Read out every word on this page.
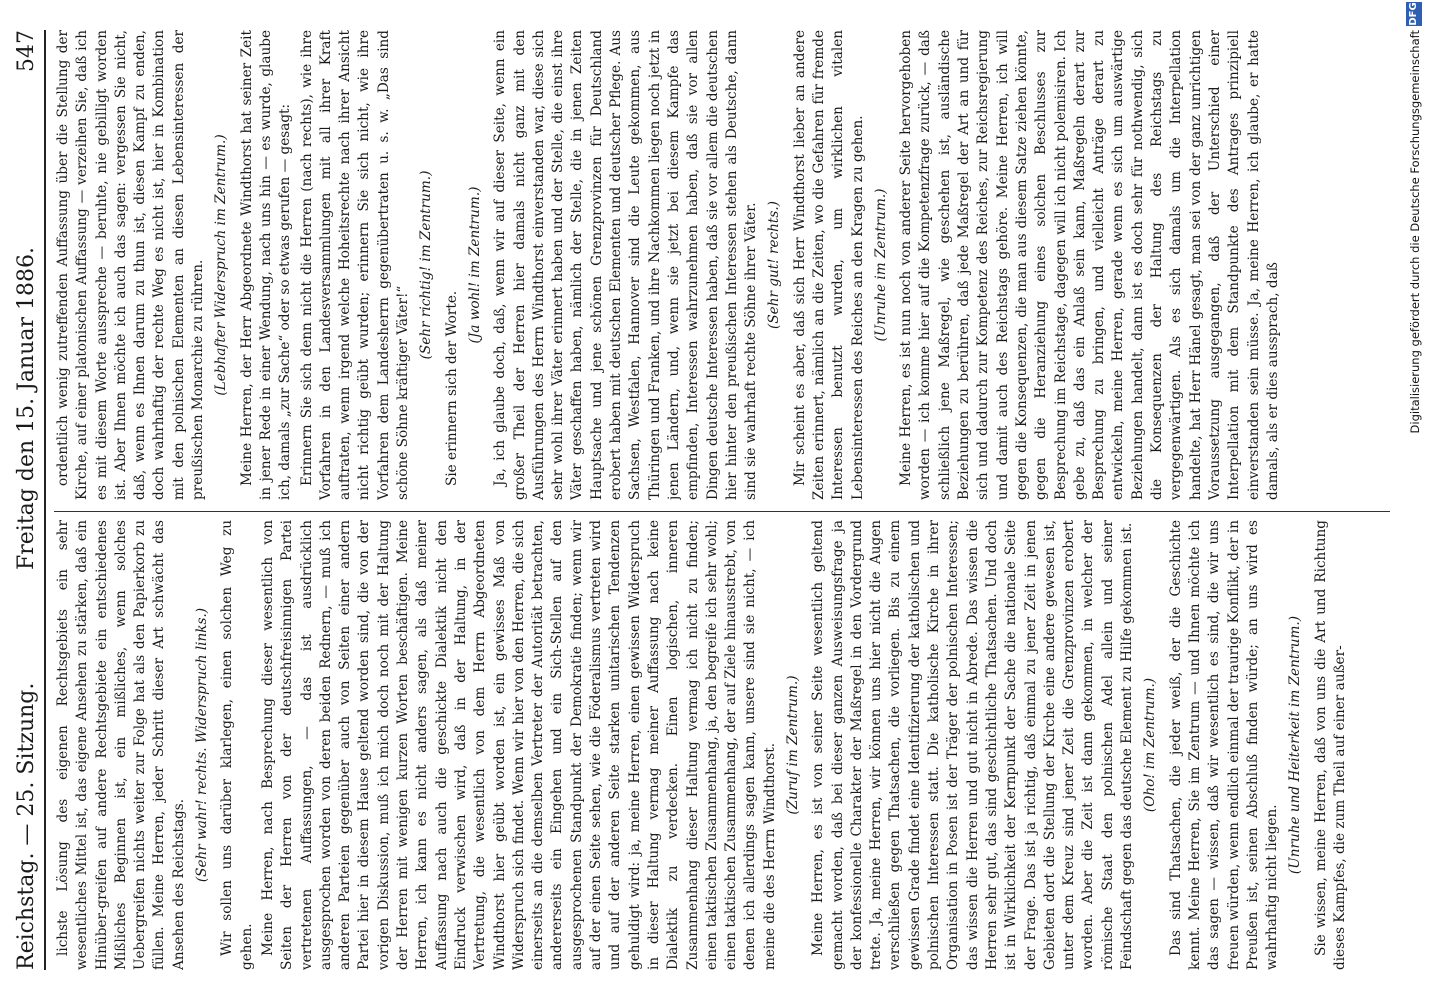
Reichstag. — 25. Sitzung.
Freitag den 15. Januar 1886.
547

lichste Lösung des eigenen Rechtsgebiets ein sehr wesentliches Mittel ist, das eigene Ansehen zu stärken, daß ein Hinüber-greifen auf andere Rechtsgebiete ein entschiedenes Mißliches Beginnen ist, ein mißliches, wenn solches Uebergreifen nichts weiter zur Folge hat als den Papierkorb zu füllen. Meine Herren, jeder Schritt dieser Art schwächt das Ansehen des Reichstags.

(Sehr wahr! rechts. Widerspruch links.) Wir sollen uns darüber klarlegen, einen solchen Weg zu gehen. Meine Herren, nach Besprechung dieser wesentlich von Seiten der Herren von der deutschfreisinnigen Partei vertretenen Auffassungen, — das ist ausdrücklich ausgesprochen worden von deren beiden Rednern, — muß ich anderen Parteien gegenüber auch von Seiten einer andern Partei hier in diesem Hause geltend worden sind, die von der vorigen Diskussion, muß ich mich doch noch mit der Haltung der Herren mit wenigen kurzen Worten beschäftigen. Meine Herren, ich kann es nicht anders sagen, als daß meiner Auffassung nach auch die geschickte Dialektik nicht den Eindruck verwischen wird, daß in der Haltung, in der Vertretung, die wesentlich von dem Herrn Abgeordneten Windthorst hier geübt worden ist, ein gewisses Maß von Widerspruch sich findet. Wenn wir hier von den Herren, die sich einerseits an die demselben Vertreter der Autorität betrachten, andererseits ein Eingehen und ein Sich-Stellen auf den ausgesprochenen Standpunkt der Demokratie finden; wenn wir auf der einen Seite sehen, wie die Föderalismus vertreten wird und auf der anderen Seite starken unitarischen Tendenzen gehuldigt wird: ja, meine Herren, einen gewissen Widerspruch in dieser Haltung vermag meiner Auffassung nach keine Dialektik zu verdecken. Einen logischen, inneren Zusammenhang dieser Haltung vermag ich nicht zu finden; einen taktischen Zusammenhang, ja, den begreife ich sehr wohl; einen taktischen Zusammenhang, der auf Ziele hinausstrebt, von denen ich allerdings sagen kann, unsere sind sie nicht, — ich meine die des Herrn Windthorst. (Zuruf im Zentrum.) Meine Herren, es ist von seiner Seite wesentlich geltend gemacht worden, daß bei dieser ganzen Ausweisungsfrage ja der konfessionelle Charakter der Maßregel in den Vordergrund trete. Ja, meine Herren, wir können uns hier nicht die Augen verschließen gegen Thatsachen, die vorliegen. Bis zu einem gewissen Grade findet eine Identifizierung der katholischen und polnischen Interessen statt. Die katholische Kirche in ihrer Organisation in Posen ist der Träger der polnischen Interessen; das wissen die Herren und gut nicht in Abrede. Das wissen die Herren sehr gut, das sind geschichtliche Thatsachen. Und doch ist in Wirklichkeit der Kernpunkt der Sache die nationale Seite der Frage. Das ist ja richtig, daß einmal zu jener Zeit in jenen Gebieten dort die Stellung der Kirche eine andere gewesen ist, unter dem Kreuz sind jener Zeit die Grenzprovinzen erobert worden. Aber die Zeit ist dann gekommen, in welcher der römische Staat den polnischen Adel allein und seiner Feindschaft gegen das deutsche Element zu Hilfe gekommen ist. (Oho! im Zentrum.) Das sind Thatsachen, die jeder weiß, der die Geschichte kennt. Meine Herren, Sie im Zentrum — und Ihnen möchte ich das sagen — wissen, daß wir wesentlich es sind, die wir uns freuen würden, wenn endlich einmal der traurige Konflikt, der in Preußen ist, seinen Abschluß finden würde; an uns wird es wahrhaftig nicht liegen.

(Unruhe und Heiterkeit im Zentrum.) Sie wissen, meine Herren, daß von uns die Art und Richtung dieses Kampfes, die zum Theil auf einer außer-

ordentlich wenig zutreffenden Auffassung über die Stellung der Kirche, auf einer platonischen Auffassung — verzeihen Sie, daß ich es mit diesem Worte ausspreche — beruhte, nie gebilligt worden ist. Aber Ihnen möchte ich auch das sagen: vergessen Sie nicht, daß, wenn es Ihnen darum zu thun ist, diesen Kampf zu enden, doch wahrhaftig der rechte Weg es nicht ist, hier in Kombination mit den polnischen Elementen an diesen Lebensinteressen der preußischen Monarchie zu rühren. (Lebhafter Widerspruch im Zentrum.) Meine Herren, der Herr Abgeordnete Windthorst hat seiner Zeit in jener Rede in einer Wendung, nach uns hin — es wurde, glaube ich, damals „zur Sache“ oder so etwas gerufen — gesagt: Erinnern Sie sich denn nicht die Herren (nach rechts), wie ihre Vorfahren in den Landesversammlungen mit all ihrer Kraft auftraten, wenn irgend welche Hoheitsrechte nach ihrer Ansicht nicht richtig geübt wurden; erinnern Sie sich nicht, wie ihre Vorfahren dem Landesherrn gegenübertraten u. s. w. „Das sind schöne Söhne kräftiger Väter!“

(Sehr richtig! im Zentrum.)

Sie erinnern sich der Worte.

(Ja wohl! im Zentrum.) Ja, ich glaube doch, daß, wenn wir auf dieser Seite, wenn ein großer Theil der Herren hier damals nicht ganz mit den Ausführungen des Herrn Windthorst einverstanden war, diese sich sehr wohl ihrer Väter erinnert haben und der Stelle, die einst ihre Väter geschaffen haben, nämlich der Stelle, die in jenen Zeiten Hauptsache und jene schönen Grenzprovinzen für Deutschland erobert haben mit deutschen Elementen und deutscher Pflege. Aus Sachsen, Westfalen, Hannover sind die Leute gekommen, aus Thüringen und Franken, und ihre Nachkommen liegen noch jetzt in jenen Ländern, und, wenn sie jetzt bei diesem Kampfe das empfinden, Interessen wahrzunehmen haben, daß sie vor allen Dingen deutsche Interessen haben, daß sie vor allem die deutschen hier hinter den preußischen Interessen stehen als Deutsche, dann sind sie wahrhaft rechte Söhne ihrer Väter. (Sehr gut! rechts.) Mir scheint es aber, daß sich Herr Windthorst lieber an andere Zeiten erinnert, nämlich an die Zeiten, wo die Gefahren für fremde Interessen benutzt wurden, um wirklichen vitalen Lebensinteressen des Reiches an den Kragen zu gehen. (Unruhe im Zentrum.) Meine Herren, es ist nun noch von anderer Seite hervorgehoben worden — ich komme hier auf die Kompetenzfrage zurück, — daß schließlich jene Maßregel, wie geschehen ist, ausländische Beziehungen zu berühren, daß jede Maßregel der Art an und für sich und dadurch zur Kompetenz des Reiches, zur Reichsregierung und damit auch des Reichstags gehöre. Meine Herren, ich will gegen die Konsequenzen, die man aus diesem Satze ziehen könnte, gegen die Heranziehung eines solchen Beschlusses zur Besprechung im Reichstage, dagegen will ich nicht polemisiren. Ich gebe zu, daß das ein Anlaß sein kann, Maßregeln derart zur Besprechung zu bringen, und vielleicht Anträge derart zu entwickeln, meine Herren, gerade wenn es sich um auswärtige Beziehungen handelt, dann ist es doch sehr für nothwendig, sich die Konsequenzen der Haltung des Reichstags zu vergegenwärtigen. Als es sich damals um die Interpellation handelte, hat Herr Hänel gesagt, man sei von der ganz unrichtigen Voraussetzung ausgegangen, daß der Unterschied einer Interpellation mit dem Standpunkte des Antrages prinzipiell einverstanden sein müsse. Ja, meine Herren, ich glaube, er hatte damals, als er dies aussprach, daß	Digitalisierung gefördert durch die Deutsche Forschungsgemeinschaft
DFG
